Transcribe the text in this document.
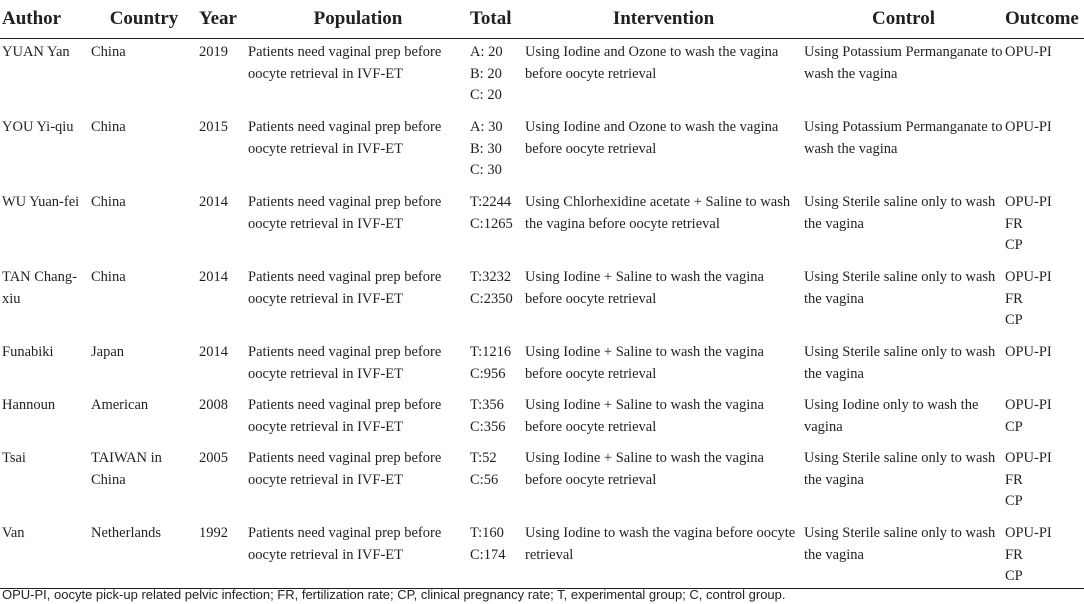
Author	Country	Year	Population	Total	Intervention	Control	Outcome
YUAN Yan	China	2019	Patients need vaginal prep before oocyte retrieval in IVF-ET	A: 20
B: 20
C: 20	Using Iodine and Ozone to wash the vagina before oocyte retrieval	Using Potassium Permanganate to wash the vagina	OPU-PI
YOU Yi-qiu	China	2015	Patients need vaginal prep before oocyte retrieval in IVF-ET	A: 30
B: 30
C: 30	Using Iodine and Ozone to wash the vagina before oocyte retrieval	Using Potassium Permanganate to wash the vagina	OPU-PI
WU Yuan-fei	China	2014	Patients need vaginal prep before oocyte retrieval in IVF-ET	T:2244
C:1265	Using Chlorhexidine acetate + Saline to wash the vagina before oocyte retrieval	Using Sterile saline only to wash the vagina	OPU-PI
FR
CP
TAN Chang-xiu	China	2014	Patients need vaginal prep before oocyte retrieval in IVF-ET	T:3232
C:2350	Using Iodine + Saline to wash the vagina before oocyte retrieval	Using Sterile saline only to wash the vagina	OPU-PI
FR
CP
Funabiki	Japan	2014	Patients need vaginal prep before oocyte retrieval in IVF-ET	T:1216
C:956	Using Iodine + Saline to wash the vagina before oocyte retrieval	Using Sterile saline only to wash the vagina	OPU-PI
Hannoun	American	2008	Patients need vaginal prep before oocyte retrieval in IVF-ET	T:356
C:356	Using Iodine + Saline to wash the vagina before oocyte retrieval	Using Iodine only to wash the vagina	OPU-PI
CP
Tsai	TAIWAN in China	2005	Patients need vaginal prep before oocyte retrieval in IVF-ET	T:52
C:56	Using Iodine + Saline to wash the vagina before oocyte retrieval	Using Sterile saline only to wash the vagina	OPU-PI
FR
CP
Van	Netherlands	1992	Patients need vaginal prep before oocyte retrieval in IVF-ET	T:160
C:174	Using Iodine to wash the vagina before oocyte retrieval	Using Sterile saline only to wash the vagina	OPU-PI
FR
CP
OPU-PI, oocyte pick-up related pelvic infection; FR, fertilization rate; CP, clinical pregnancy rate; T, experimental group; C, control group.
